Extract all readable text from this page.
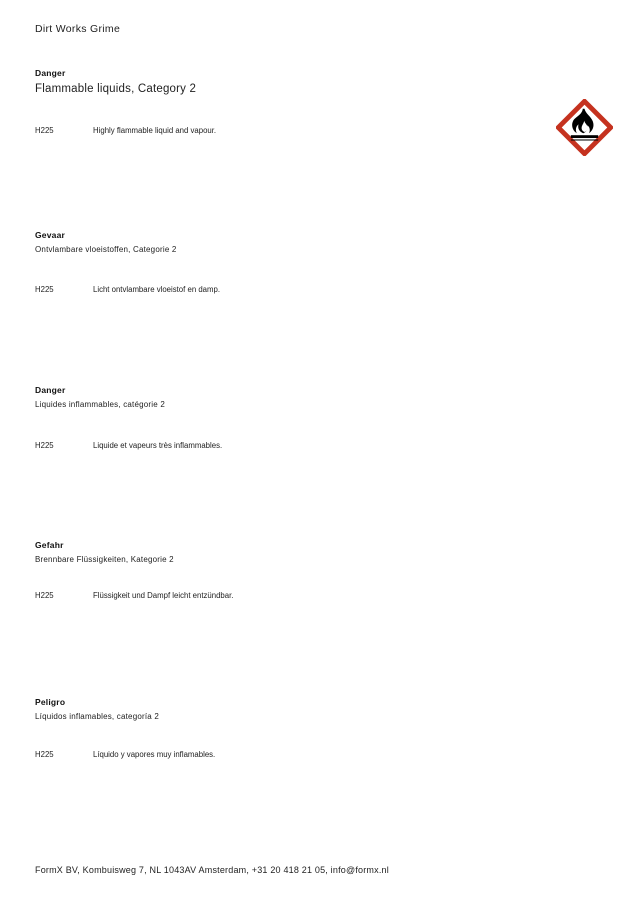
Dirt Works Grime
Danger
Flammable liquids, Category 2
H225	Highly flammable liquid and vapour.
Gevaar
Ontvlambare vloeistoffen, Categorie 2
H225	Licht ontvlambare vloeistof en damp.
Danger
Liquides inflammables, catégorie 2
H225	Liquide et vapeurs très inflammables.
Gefahr
Brennbare Flüssigkeiten, Kategorie 2
H225	Flüssigkeit und Dampf leicht entzündbar.
Peligro
Líquidos inflamables, categoría 2
H225	Líquido y vapores muy inflamables.
FormX BV, Kombuisweg 7, NL 1043AV Amsterdam, +31 20 418 21 05, info@formx.nl
